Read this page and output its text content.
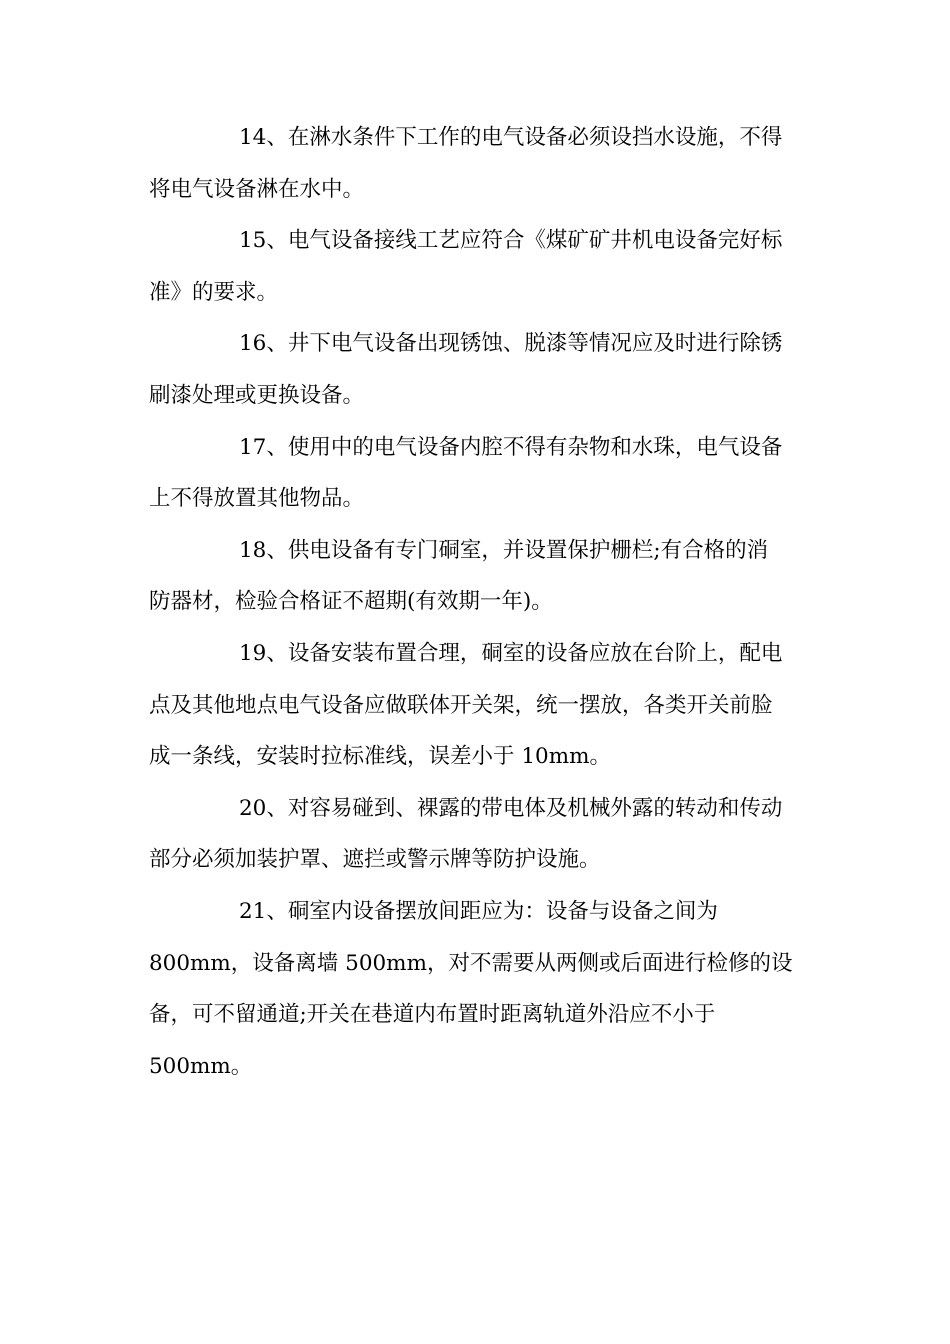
14、在淋水条件下工作的电气设备必须设挡水设施，不得
将电气设备淋在水中。
15、电气设备接线工艺应符合《煤矿矿井机电设备完好标
准》的要求。
16、井下电气设备出现锈蚀、脱漆等情况应及时进行除锈
刷漆处理或更换设备。
17、使用中的电气设备内腔不得有杂物和水珠，电气设备
上不得放置其他物品。
18、供电设备有专门硐室，并设置保护栅栏;有合格的消
防器材，检验合格证不超期(有效期一年)。
19、设备安装布置合理，硐室的设备应放在台阶上，配电
点及其他地点电气设备应做联体开关架，统一摆放，各类开关前脸
成一条线，安装时拉标准线，误差小于 10mm。
20、对容易碰到、裸露的带电体及机械外露的转动和传动
部分必须加装护罩、遮拦或警示牌等防护设施。
21、硐室内设备摆放间距应为：设备与设备之间为
800mm，设备离墙 500mm，对不需要从两侧或后面进行检修的设
备，可不留通道;开关在巷道内布置时距离轨道外沿应不小于
500mm。
